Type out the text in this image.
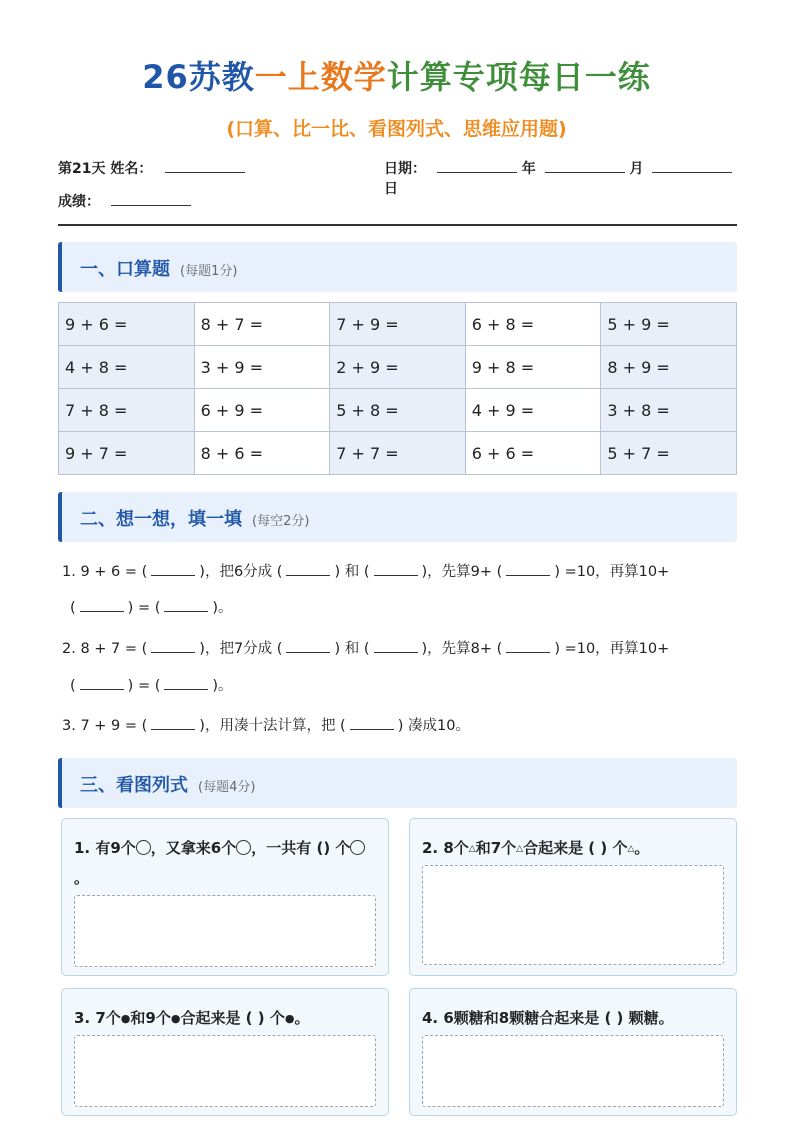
26苏教一上数学计算专项每日一练
(口算、比一比、看图列式、思维应用题)
第21天 姓名：	日期：	年	月  日
成绩：
一、口算题 (每题1分)
9 + 6 =	8 + 7 =	7 + 9 =	6 + 8 =	5 + 9 =
4 + 8 =	3 + 9 =	2 + 9 =	9 + 8 =	8 + 9 =
7 + 8 =	6 + 9 =	5 + 8 =	4 + 9 =	3 + 8 =
9 + 7 =	8 + 6 =	7 + 7 =	6 + 6 =	5 + 7 =
二、想一想，填一填 (每空2分)
1. 9 + 6 = (	)，把6分成 (	) 和 (	)，先算9+ (	) =10，再算10+
(	) = (	)。
2. 8 + 7 = (	)，把7分成 (	) 和 (	)，先算8+ (	) =10，再算10+
(	) = (	)。
3. 7 + 9 = (	)，用凑十法计算，把 (	) 凑成10。
三、看图列式 (每题4分)
1. 有9个 ，又拿来6个 ，一共有 () 个。
2. 8个△和7个△合起来是 ( ) 个△。
3. 7个●和9个●合起来是 ( ) 个●。	4. 6颗糖和8颗糖合起来是 ( ) 颗糖。
